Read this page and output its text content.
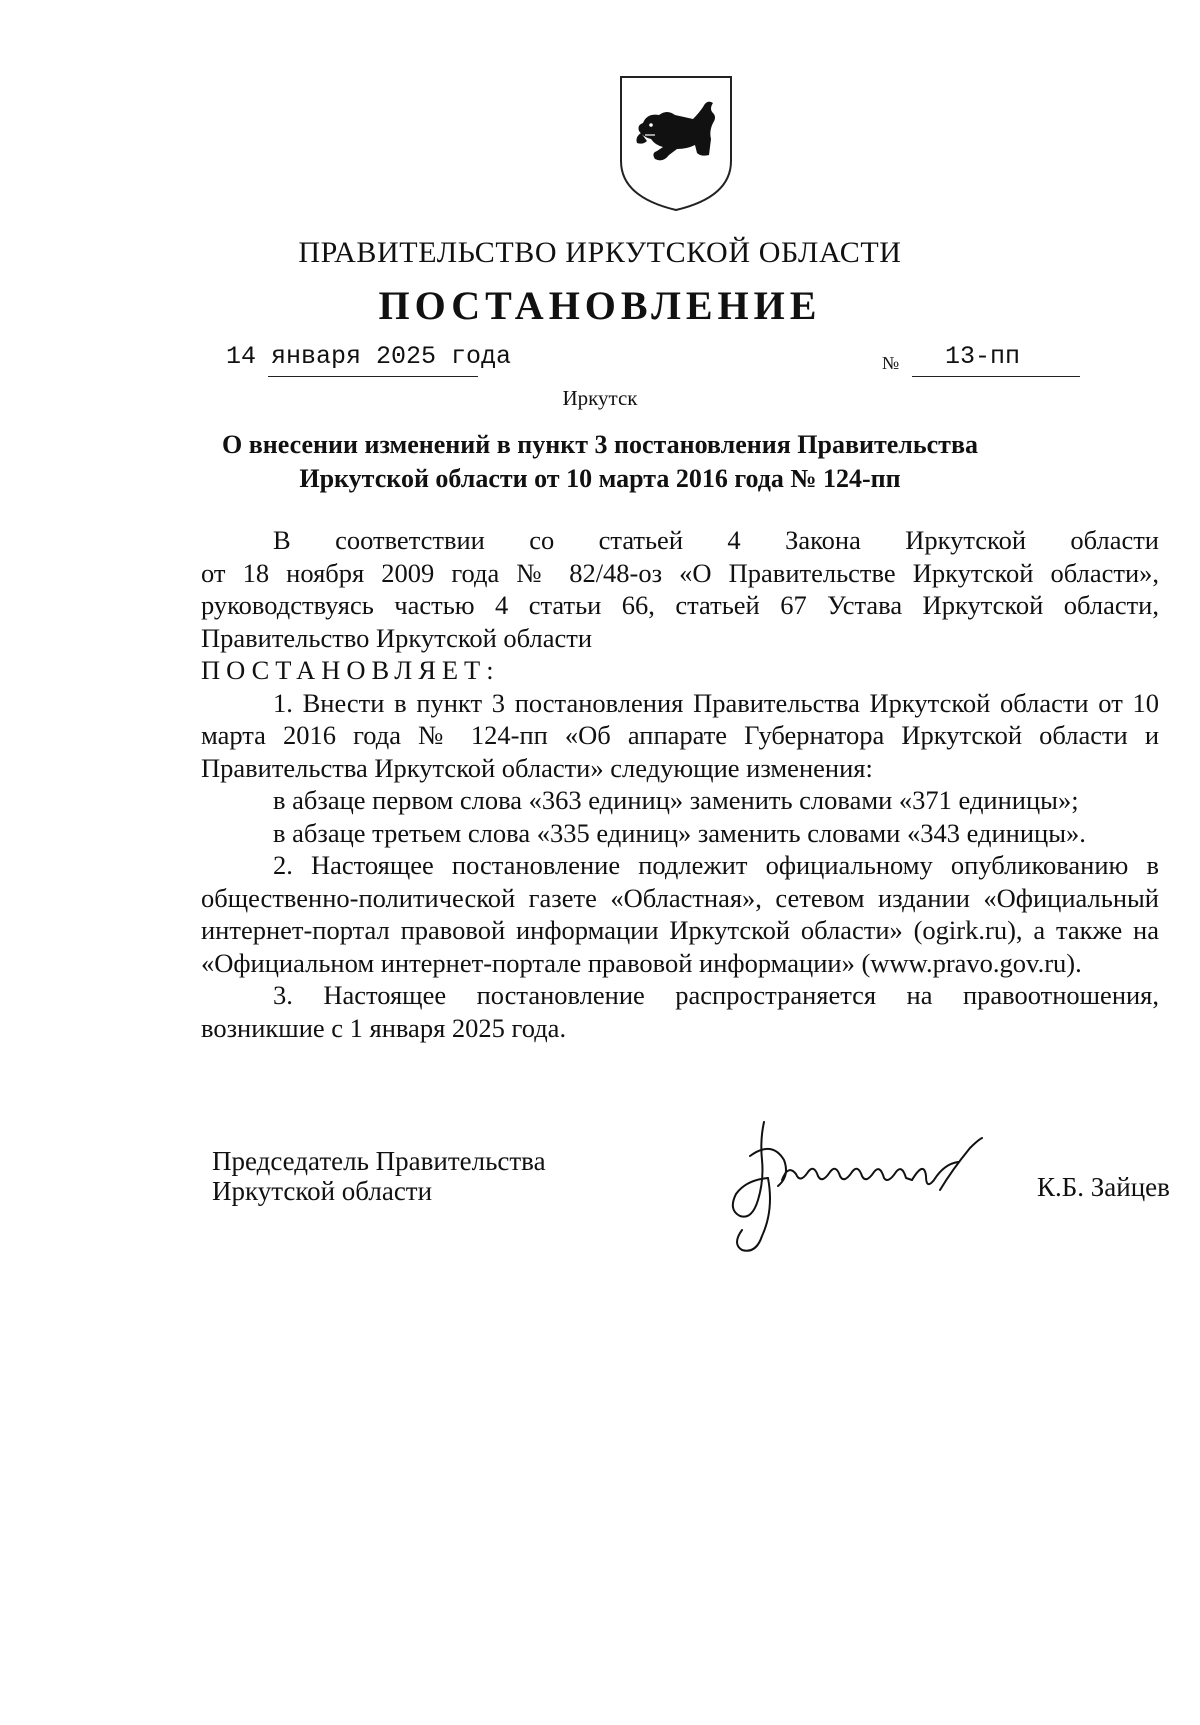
ПРАВИТЕЛЬСТВО ИРКУТСКОЙ ОБЛАСТИ
ПОСТАНОВЛЕНИЕ
14 января 2025 года	№ 13-пп
Иркутск
О внесении изменений в пункт 3 постановления Правительства
Иркутской области от 10 марта 2016 года № 124-пп

В соответствии со статьей 4 Закона Иркутской области

от 18 ноября 2009 года № 82/48-оз «О Правительстве Иркутской области»,

руководствуясь частью 4 статьи 66, статьей 67 Устава Иркутской области,

Правительство Иркутской области

ПОСТАНОВЛЯЕТ:

1. Внести в пункт 3 постановления Правительства Иркутской области от 10 марта 2016 года № 124-пп «Об аппарате Губернатора Иркутской области и Правительства Иркутской области» следующие изменения:

в абзаце первом слова «363 единиц» заменить словами «371 единицы»;

в абзаце третьем слова «335 единиц» заменить словами «343 единицы».

2. Настоящее постановление подлежит официальному опубликованию в общественно-политической газете «Областная», сетевом издании «Официальный интернет-портал правовой информации Иркутской области» (ogirk.ru), а также на «Официальном интернет-портале правовой информации» (www.pravo.gov.ru).

3. Настоящее постановление распространяется на правоотношения, возникшие с 1 января 2025 года.

Председатель Правительства
Иркутской области	К.Б. Зайцев
